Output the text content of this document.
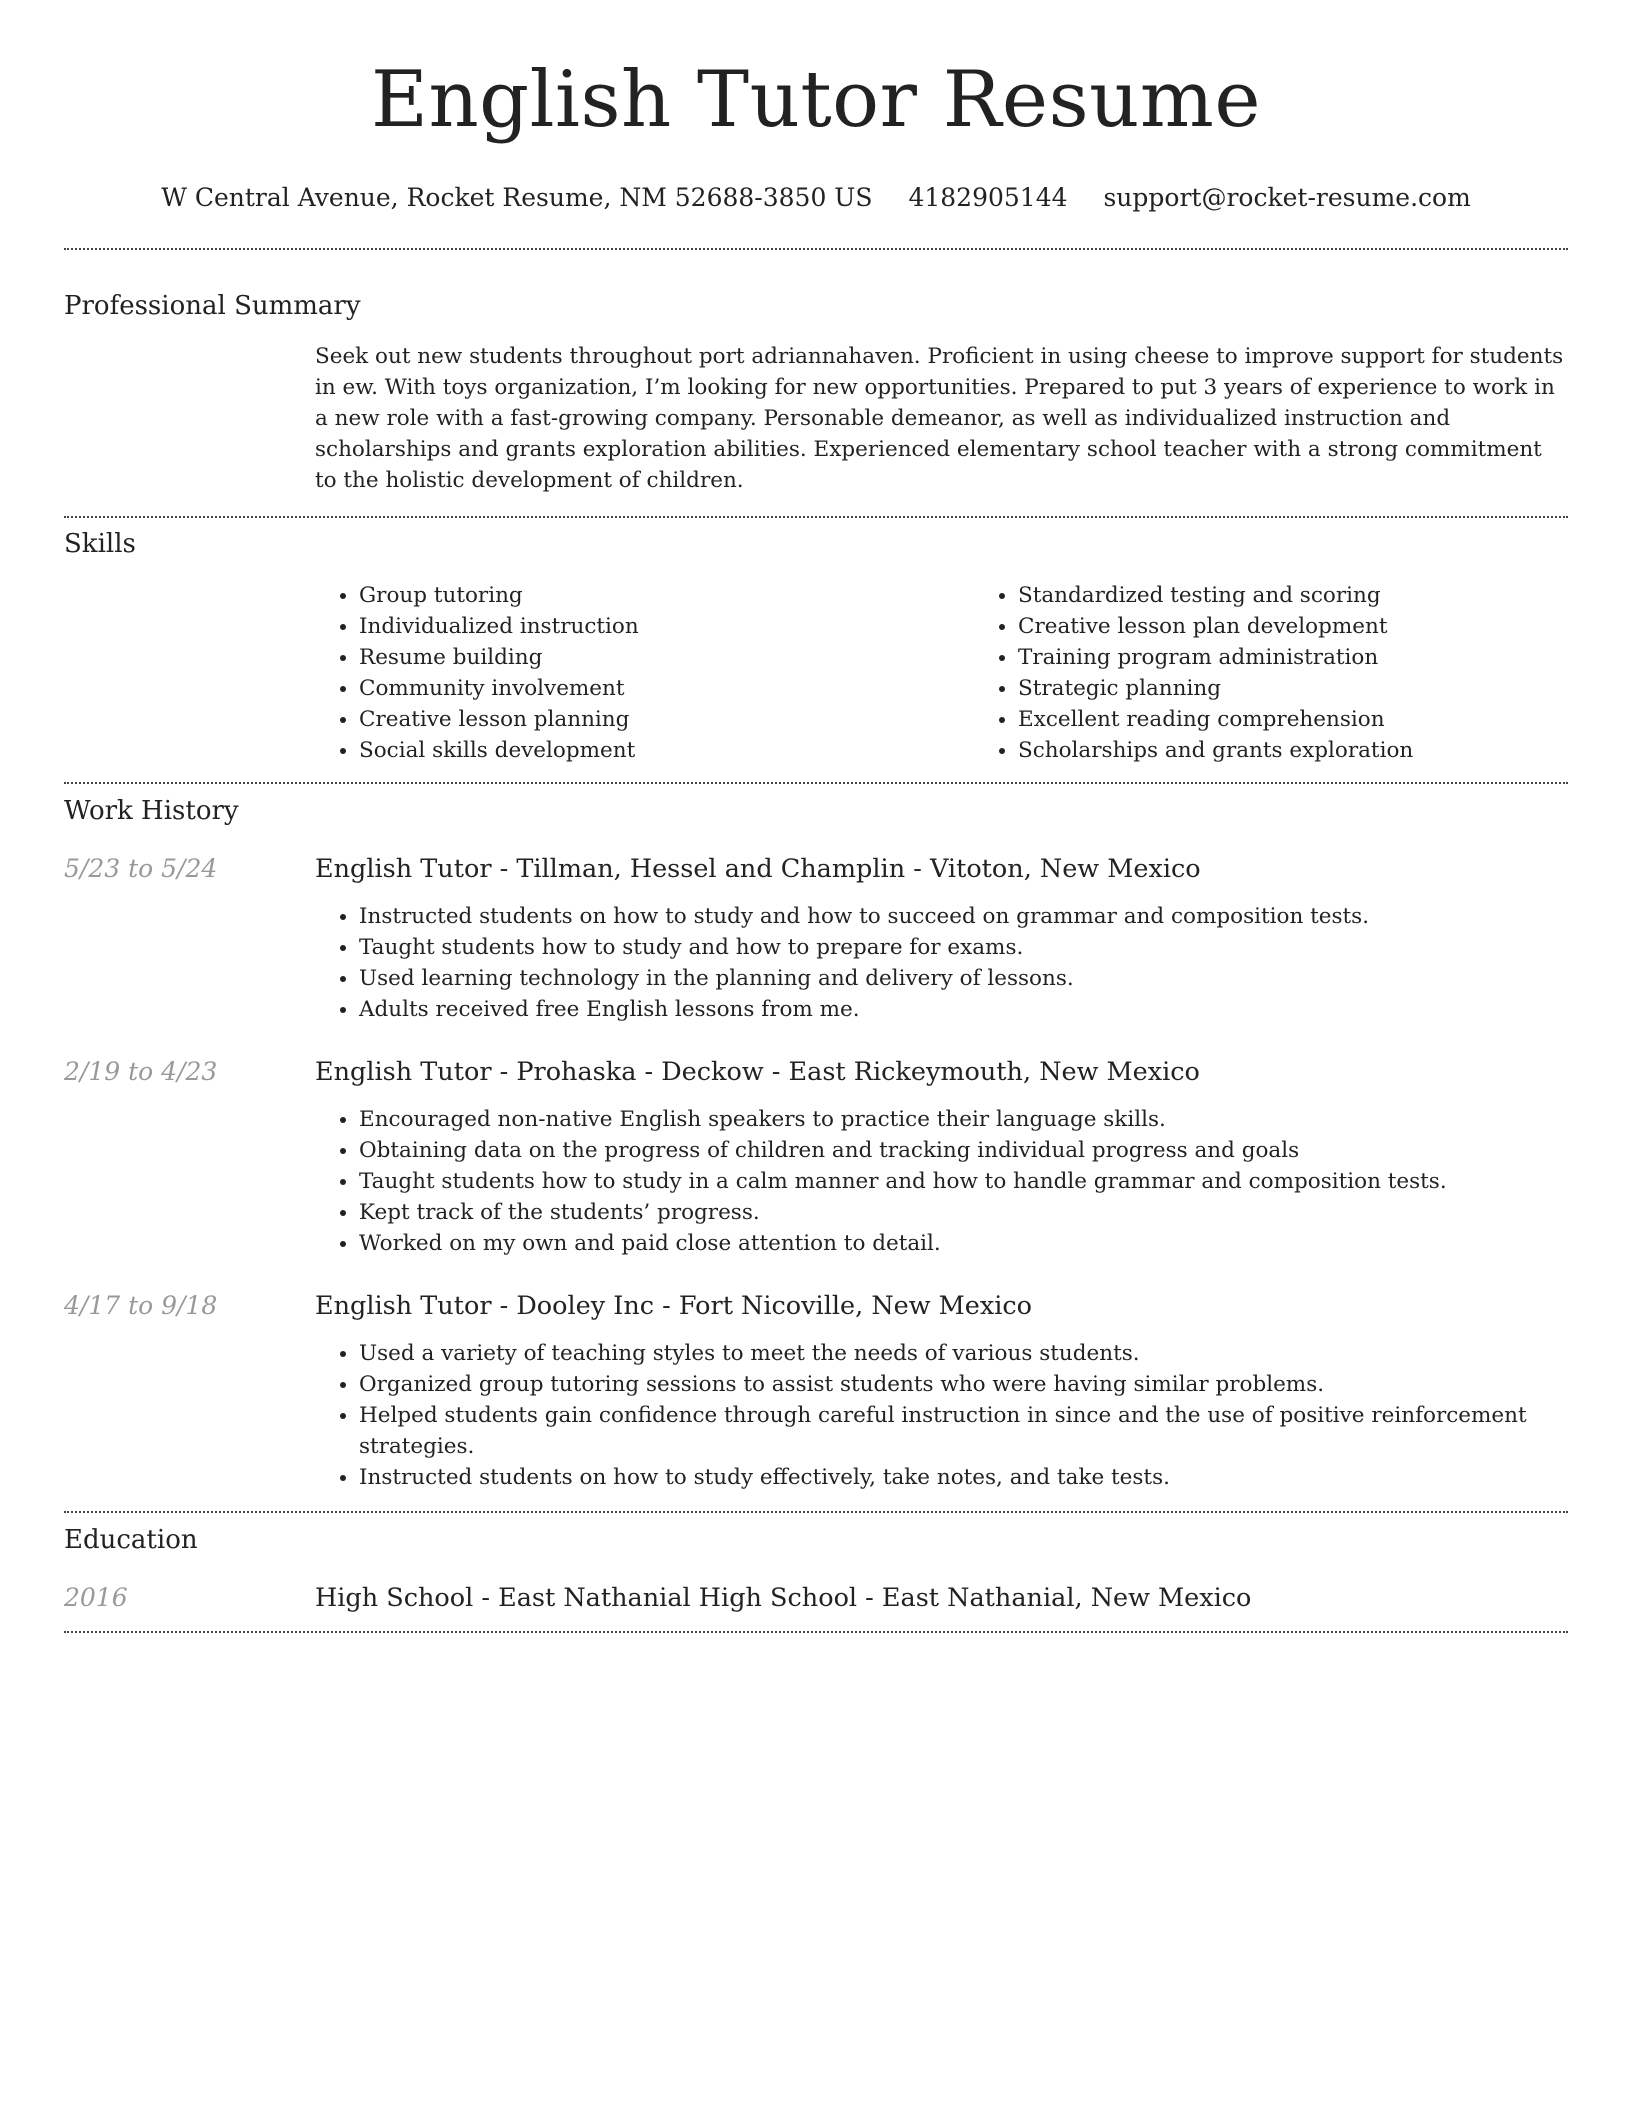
English Tutor Resume
W Central Avenue, Rocket Resume, NM 52688-3850 US 4182905144 support@rocket-resume.com
Professional Summary

Seek out new students throughout port adriannahaven. Proficient in using cheese to improve support for students in ew. With toys organization, I’m looking for new opportunities. Prepared to put 3 years of experience to work in a new role with a fast-growing company. Personable demeanor, as well as individualized instruction and scholarships and grants exploration abilities. Experienced elementary school teacher with a strong commitment to the holistic development of children.

Skills
• Group tutoring
• Individualized instruction
• Resume building
• Community involvement
• Creative lesson planning
• Social skills development
• Standardized testing and scoring
• Creative lesson plan development
• Training program administration
• Strategic planning
• Excellent reading comprehension
• Scholarships and grants exploration
Work History
5/23 to 5/24	English Tutor - Tillman, Hessel and Champlin - Vitoton, New Mexico

• Instructed students on how to study and how to succeed on grammar and composition tests.
• Taught students how to study and how to prepare for exams.
• Used learning technology in the planning and delivery of lessons.
• Adults received free English lessons from me.
2/19 to 4/23	English Tutor - Prohaska - Deckow - East Rickeymouth, New Mexico

• Encouraged non-native English speakers to practice their language skills.
• Obtaining data on the progress of children and tracking individual progress and goals
• Taught students how to study in a calm manner and how to handle grammar and composition tests.
• Kept track of the students’ progress.
• Worked on my own and paid close attention to detail.
4/17 to 9/18	English Tutor - Dooley Inc - Fort Nicoville, New Mexico

• Used a variety of teaching styles to meet the needs of various students.
• Organized group tutoring sessions to assist students who were having similar problems.
• Helped students gain confidence through careful instruction in since and the use of positive reinforcement strategies.
• Instructed students on how to study effectively, take notes, and take tests.
Education
2016	High School - East Nathanial High School - East Nathanial, New Mexico
